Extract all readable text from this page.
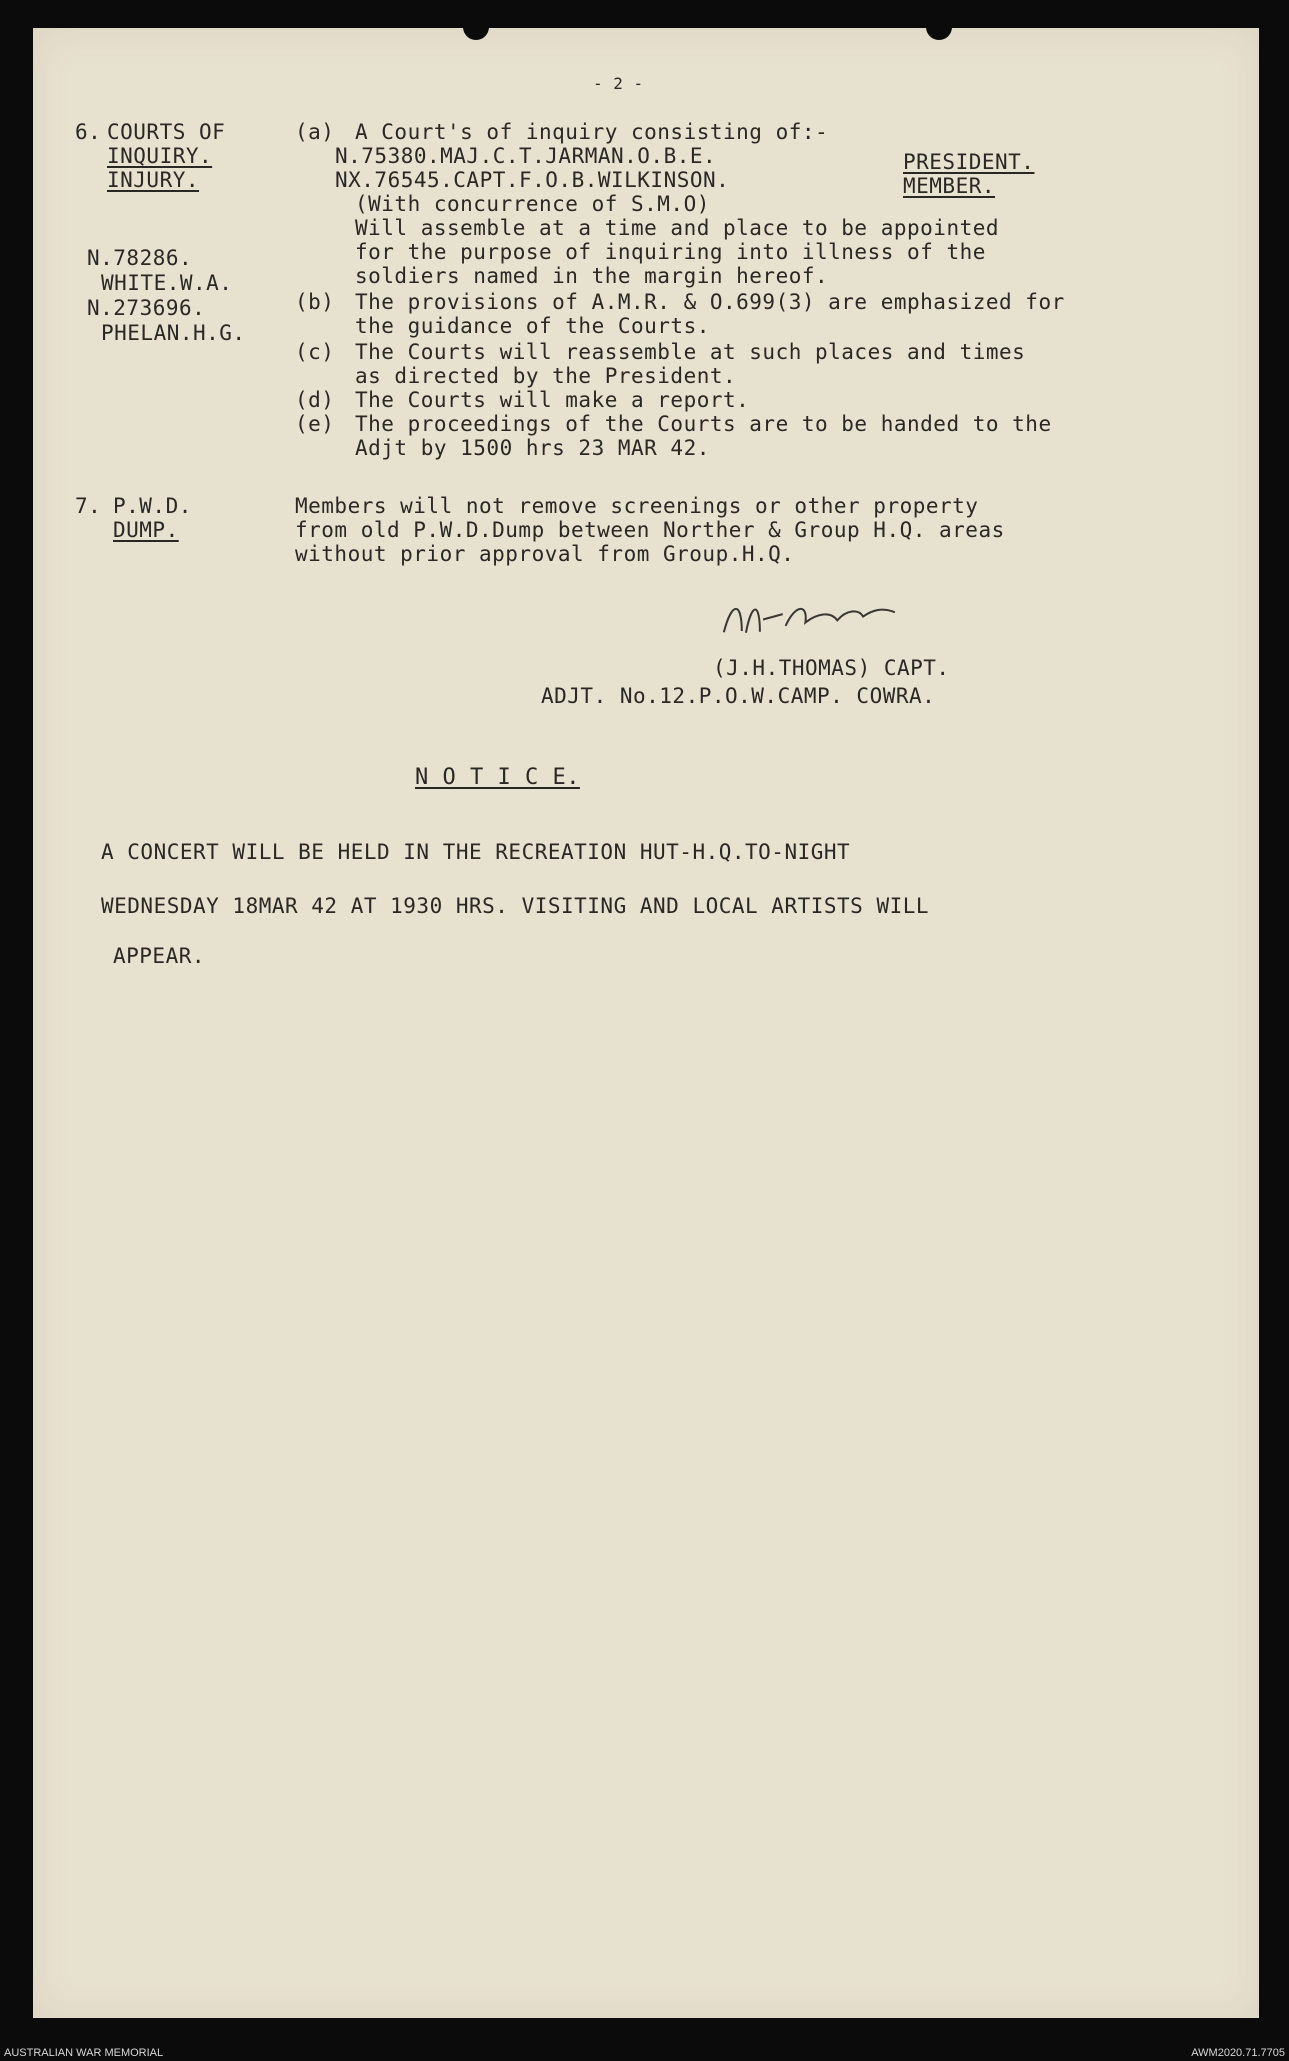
- 2 -
6. COURTS OF
INQUIRY.
INJURY.
N.78286.
WHITE.W.A.
N.273696.
PHELAN.H.G.
(a) A Court's of inquiry consisting of:-
N.75380.MAJ.C.T.JARMAN.O.B.E.
NX.76545.CAPT.F.O.B.WILKINSON.
(With concurrence of S.M.O)
Will assemble at a time and place to be appointed
for the purpose of inquiring into illness of the
soldiers named in the margin hereof.
PRESIDENT.
MEMBER.
(b) The provisions of A.M.R. & O.699(3) are emphasized for
the guidance of the Courts.
(c) The Courts will reassemble at such places and times
as directed by the President.
(d) The Courts will make a report.
(e) The proceedings of the Courts are to be handed to the
Adjt by 1500 hrs 23 MAR 42.
7. P.W.D.
DUMP.
Members will not remove screenings or other property
from old P.W.D.Dump between Norther & Group H.Q. areas
without prior approval from Group.H.Q.
(J.H.THOMAS) CAPT.
ADJT. No.12.P.O.W.CAMP. COWRA.
N O T I C E.
A CONCERT WILL BE HELD IN THE RECREATION HUT-H.Q.TO-NIGHT
WEDNESDAY 18MAR 42 AT 1930 HRS. VISITING AND LOCAL ARTISTS WILL
APPEAR.
AUSTRALIAN WAR MEMORIAL	AWM2020.71.7705
